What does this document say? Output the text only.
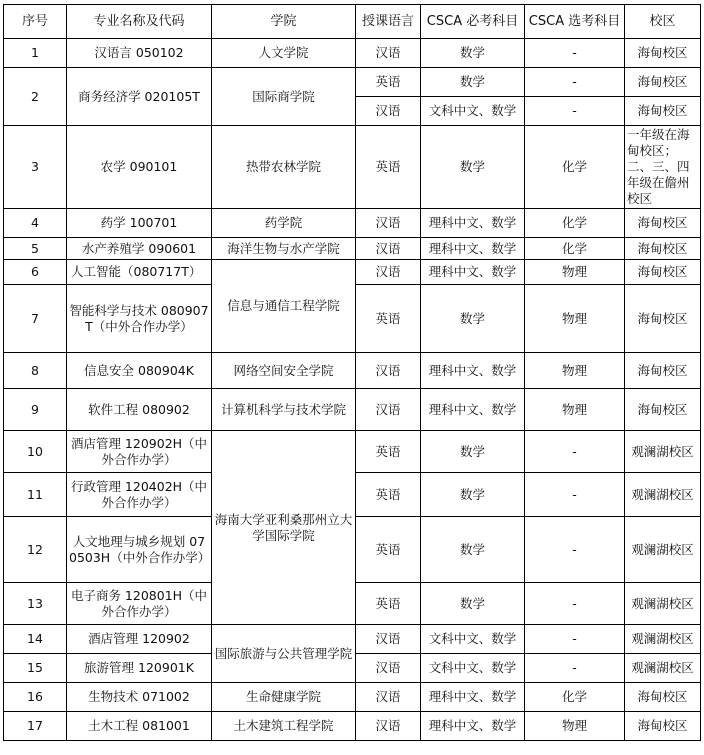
序号	专业名称及代码	学院	授课语言	CSCA 必考科目	CSCA 选考科目	校区
1	汉语言 050102	人文学院	汉语	数学	-	海甸校区
2	商务经济学 020105T	国际商学院	英语	数学	-	海甸校区
			汉语	文科中文、数学	-	海甸校区
3	农学 090101	热带农林学院	英语	数学	化学	一年级在海甸校区；二、三、四年级在儋州校区
4	药学 100701	药学院	汉语	理科中文、数学	化学	海甸校区
5	水产养殖学 090601	海洋生物与水产学院	汉语	理科中文、数学	化学	海甸校区
6	人工智能（080717T）	信息与通信工程学院	汉语	理科中文、数学	物理	海甸校区
7	智能科学与技术 080907T（中外合作办学）		英语	数学	物理	海甸校区
8	信息安全 080904K	网络空间安全学院	汉语	理科中文、数学	物理	海甸校区
9	软件工程 080902	计算机科学与技术学院	汉语	理科中文、数学	物理	海甸校区
10	酒店管理 120902H（中外合作办学）	海南大学亚利桑那州立大学国际学院	英语	数学	-	观澜湖校区
11	行政管理 120402H（中外合作办学）		英语	数学	-	观澜湖校区
12	人文地理与城乡规划 070503H（中外合作办学）		英语	数学	-	观澜湖校区
13	电子商务 120801H（中外合作办学）		英语	数学	-	观澜湖校区
14	酒店管理 120902	国际旅游与公共管理学院	汉语	文科中文、数学	-	观澜湖校区
15	旅游管理 120901K		汉语	文科中文、数学	-	观澜湖校区
16	生物技术 071002	生命健康学院	汉语	理科中文、数学	化学	海甸校区
17	土木工程 081001	土木建筑工程学院	汉语	理科中文、数学	物理	海甸校区
